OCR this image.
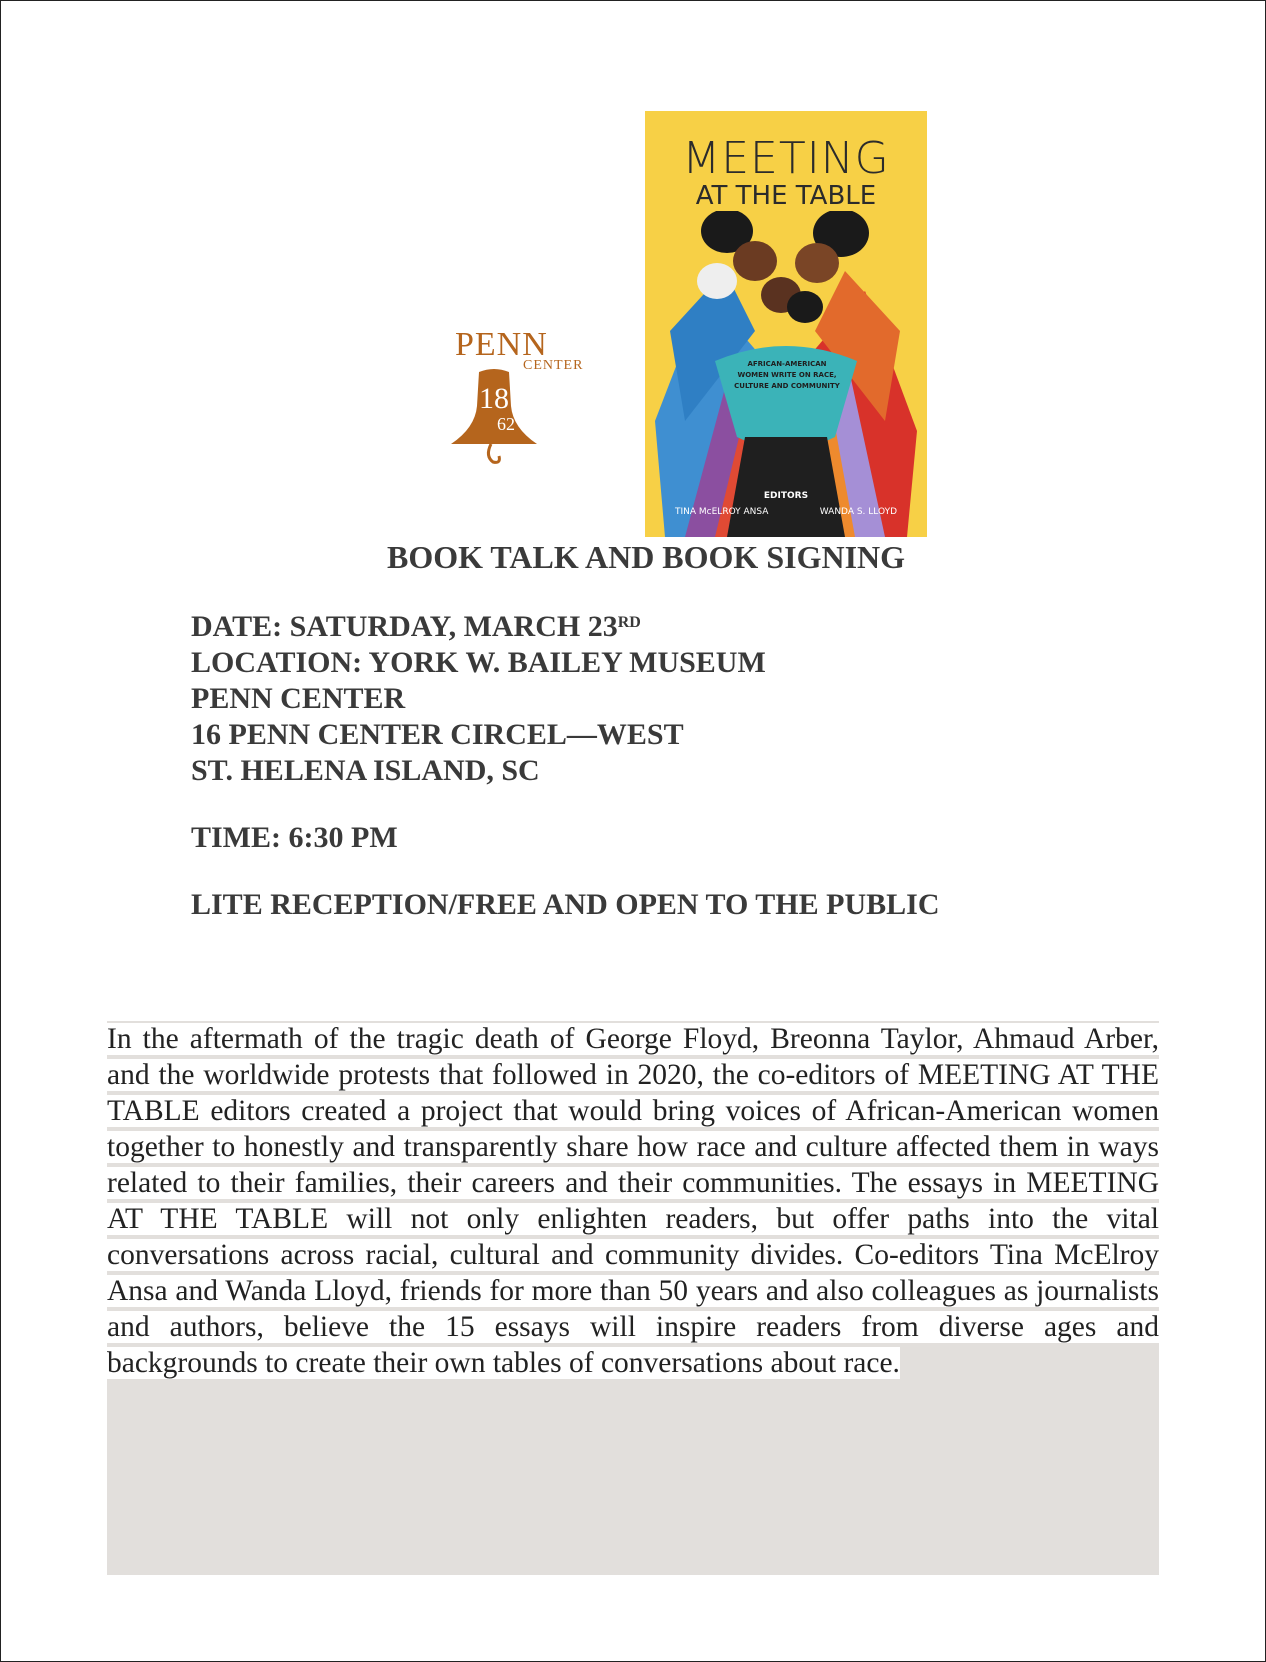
PENN
CENTER
18
62
MEETING
AT THE TABLE
AFRICAN-AMERICAN WOMEN WRITE ON RACE, CULTURE AND COMMUNITY
EDITORS
TINA McELROY ANSA	WANDA S. LLOYD
BOOK TALK AND BOOK SIGNING
DATE: SATURDAY, MARCH 23RD
LOCATION: YORK W. BAILEY MUSEUM
PENN CENTER
16 PENN CENTER CIRCEL—WEST
ST. HELENA ISLAND, SC
TIME: 6:30 PM
LITE RECEPTION/FREE AND OPEN TO THE PUBLIC
In the aftermath of the tragic death of George Floyd, Breonna Taylor, Ahmaud Arber, and the worldwide protests that followed in 2020, the co-editors of MEETING AT THE TABLE editors created a project that would bring voices of African-American women together to honestly and transparently share how race and culture affected them in ways related to their families, their careers and their communities. The essays in MEETING AT THE TABLE will not only enlighten readers, but offer paths into the vital conversations across racial, cultural and community divides. Co-editors Tina McElroy Ansa and Wanda Lloyd, friends for more than 50 years and also colleagues as journalists and authors, believe the 15 essays will inspire readers from diverse ages and backgrounds to create their own tables of conversations about race.
